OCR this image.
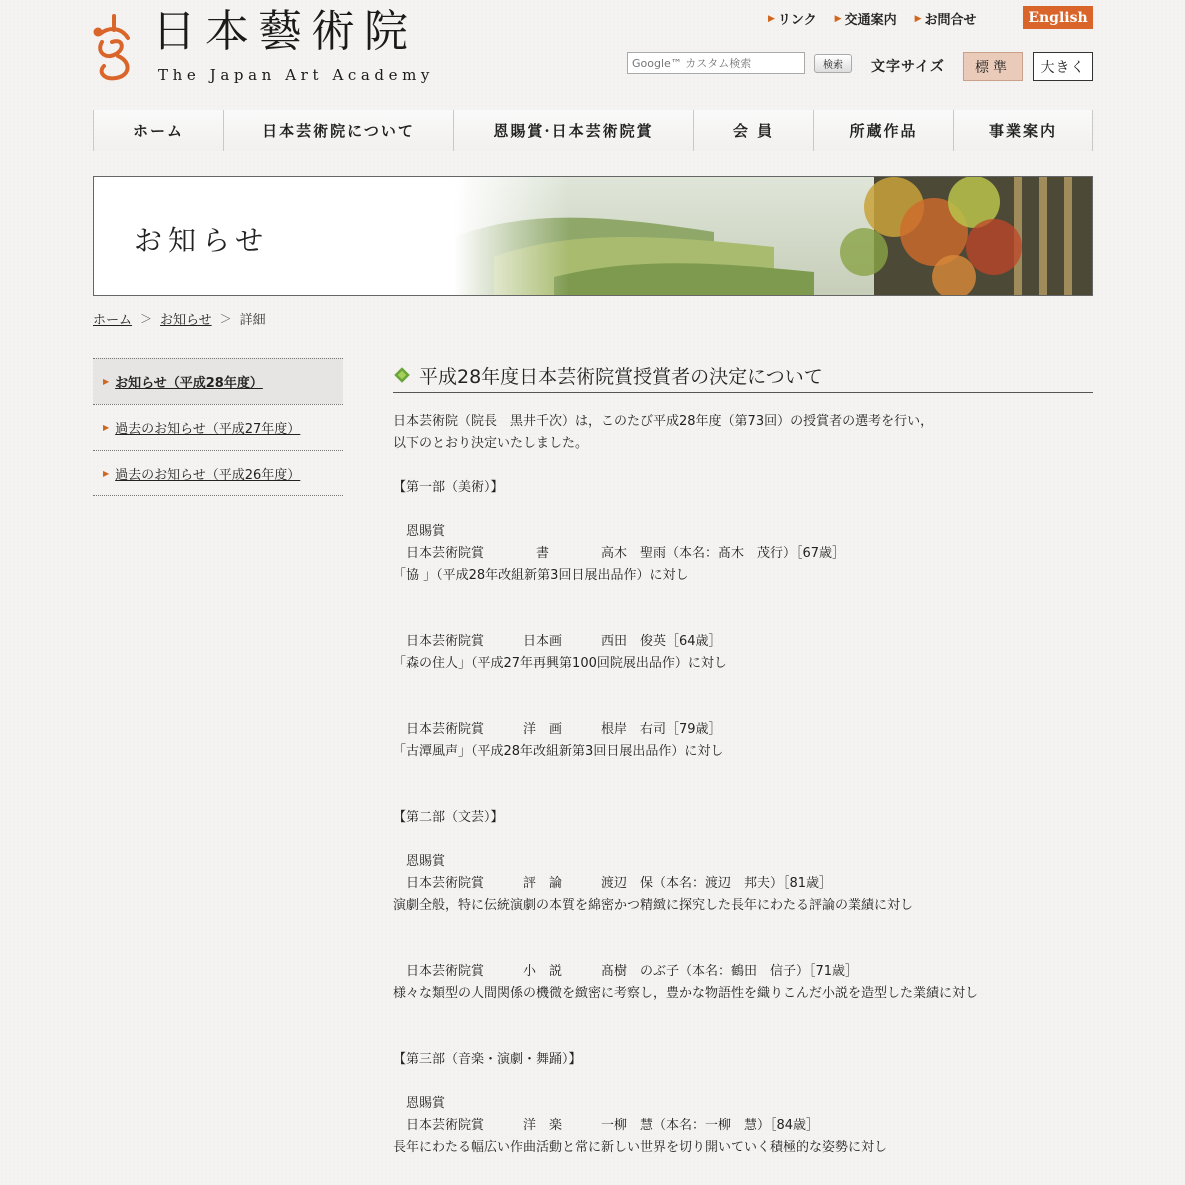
日本藝術院
The Japan Art Academy
▶ リンク ▶ 交通案内 ▶ お問合せ	English
Google™ カスタム検索
検索	文字サイズ	標準	大きく
ホーム	日本芸術院について	恩賜賞·日本芸術院賞	会 員	所蔵作品	事業案内
お知らせ
ホーム ＞ お知らせ ＞ 詳細
▶ お知らせ（平成28年度）
▶ 過去のお知らせ（平成27年度）
▶ 過去のお知らせ（平成26年度）
平成28年度日本芸術院賞授賞者の決定について
日本芸術院（院長　黒井千次）は，このたび平成28年度（第73回）の授賞者の選考を行い，
以下のとおり決定いたしました。
【第一部（美術）】
　恩賜賞
　日本芸術院賞　　　　書　　　　高木　聖雨（本名：髙木　茂行）［67歳］
「協 」（平成28年改組新第3回日展出品作）に対し
　日本芸術院賞　　　日本画　　　西田　俊英［64歳］
「森の住人」（平成27年再興第100回院展出品作）に対し
　日本芸術院賞　　　洋　画　　　根岸　右司［79歳］
「古潭風声」（平成28年改組新第3回日展出品作）に対し
【第二部（文芸）】
　恩賜賞
　日本芸術院賞　　　評　論　　　渡辺　保（本名：渡辺　邦夫）［81歳］
演劇全般，特に伝統演劇の本質を綿密かつ精緻に探究した長年にわたる評論の業績に対し
　日本芸術院賞　　　小　説　　　髙樹　のぶ子（本名：鶴田　信子）［71歳］
様々な類型の人間関係の機微を緻密に考察し，豊かな物語性を織りこんだ小説を造型した業績に対し
【第三部（音楽・演劇・舞踊）】
　恩賜賞
　日本芸術院賞　　　洋　楽　　　一柳　慧（本名：一柳　慧）［84歳］
長年にわたる幅広い作曲活動と常に新しい世界を切り開いていく積極的な姿勢に対し
